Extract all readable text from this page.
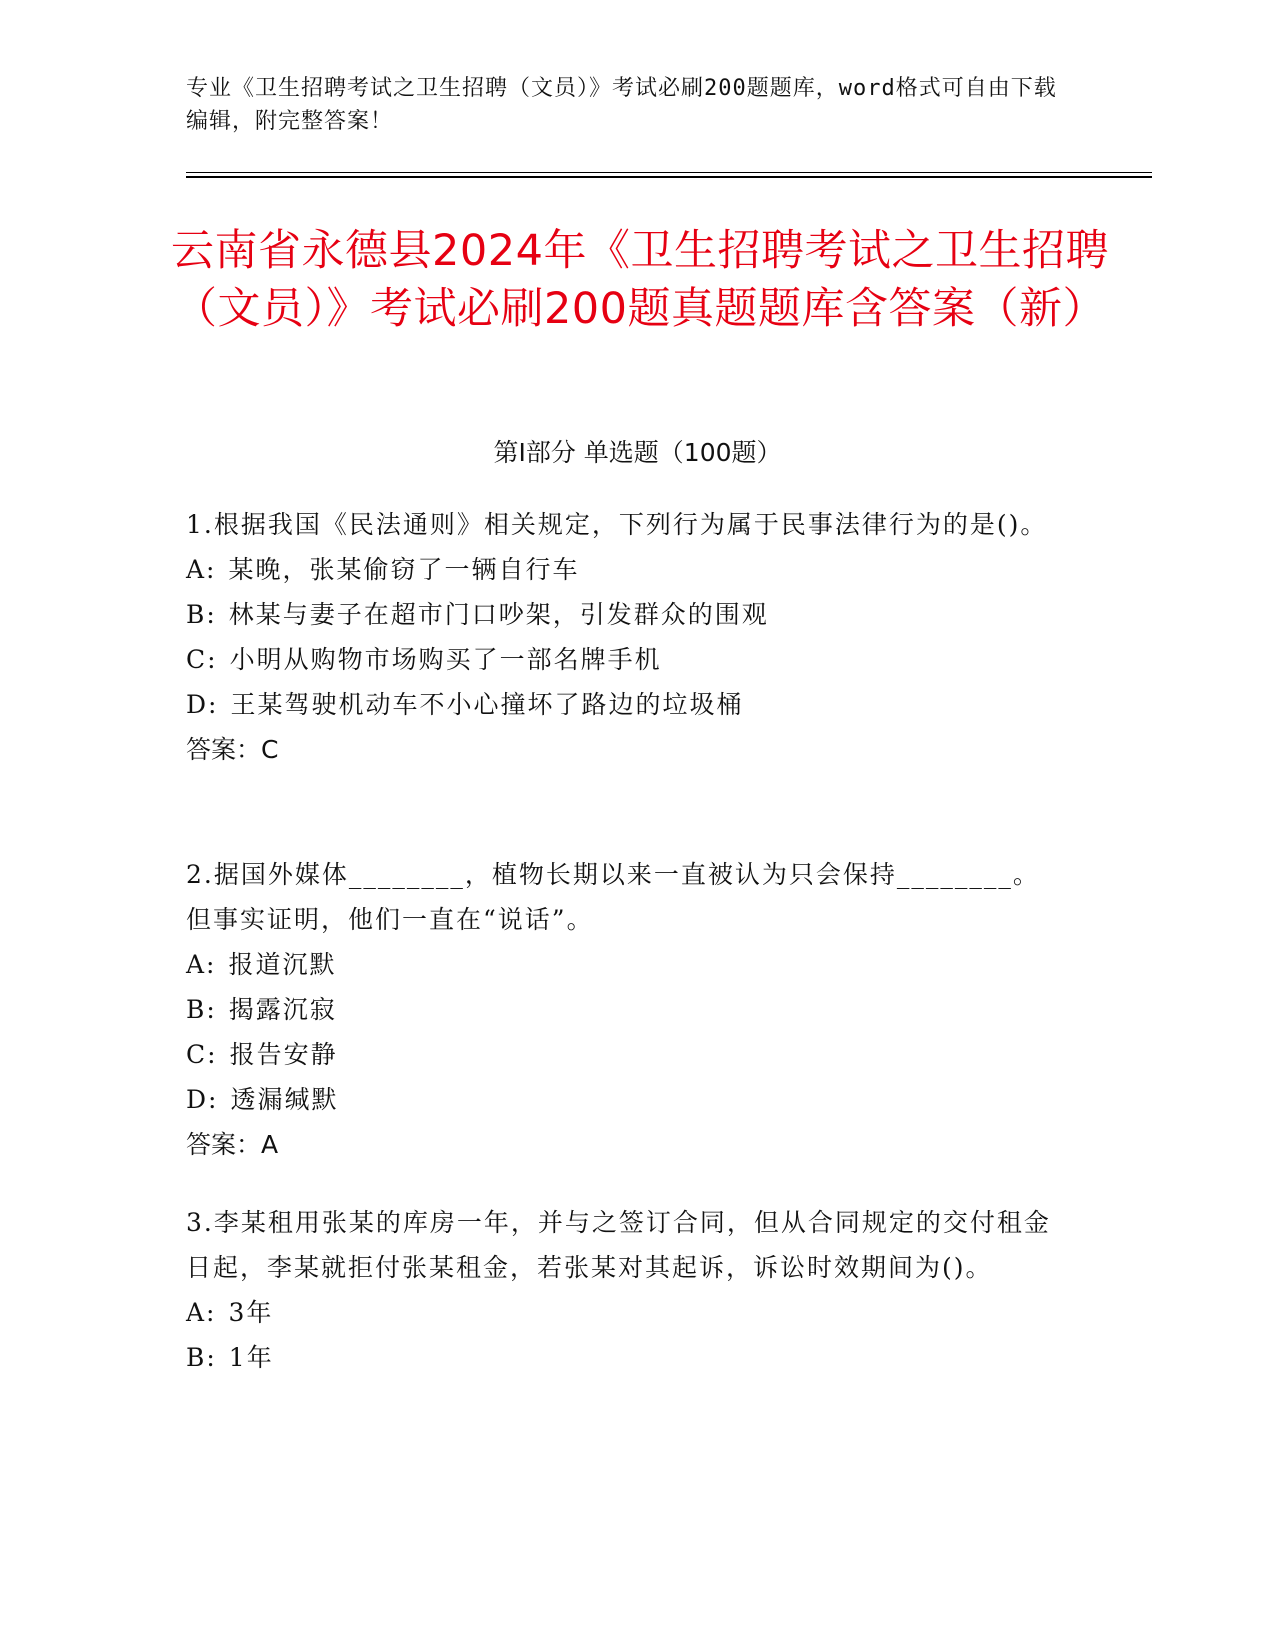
专业《卫生招聘考试之卫生招聘（文员）》考试必刷200题题库，word格式可自由下载编辑，附完整答案！
云南省永德县2024年《卫生招聘考试之卫生招聘（文员）》考试必刷200题真题题库含答案（新）
第Ⅰ部分 单选题（100题）

1.根据我国《民法通则》相关规定，下列行为属于民事法律行为的是()。

A: 某晚，张某偷窃了一辆自行车

B: 林某与妻子在超市门口吵架，引发群众的围观

C: 小明从购物市场购买了一部名牌手机

D: 王某驾驶机动车不小心撞坏了路边的垃圾桶

答案：C

2.据国外媒体________，植物长期以来一直被认为只会保持________。但事实证明，他们一直在“说话”。

A: 报道沉默

B: 揭露沉寂

C: 报告安静

D: 透漏缄默

答案：A

3.李某租用张某的库房一年，并与之签订合同，但从合同规定的交付租金日起，李某就拒付张某租金，若张某对其起诉，诉讼时效期间为()。

A: 3年

B: 1年
